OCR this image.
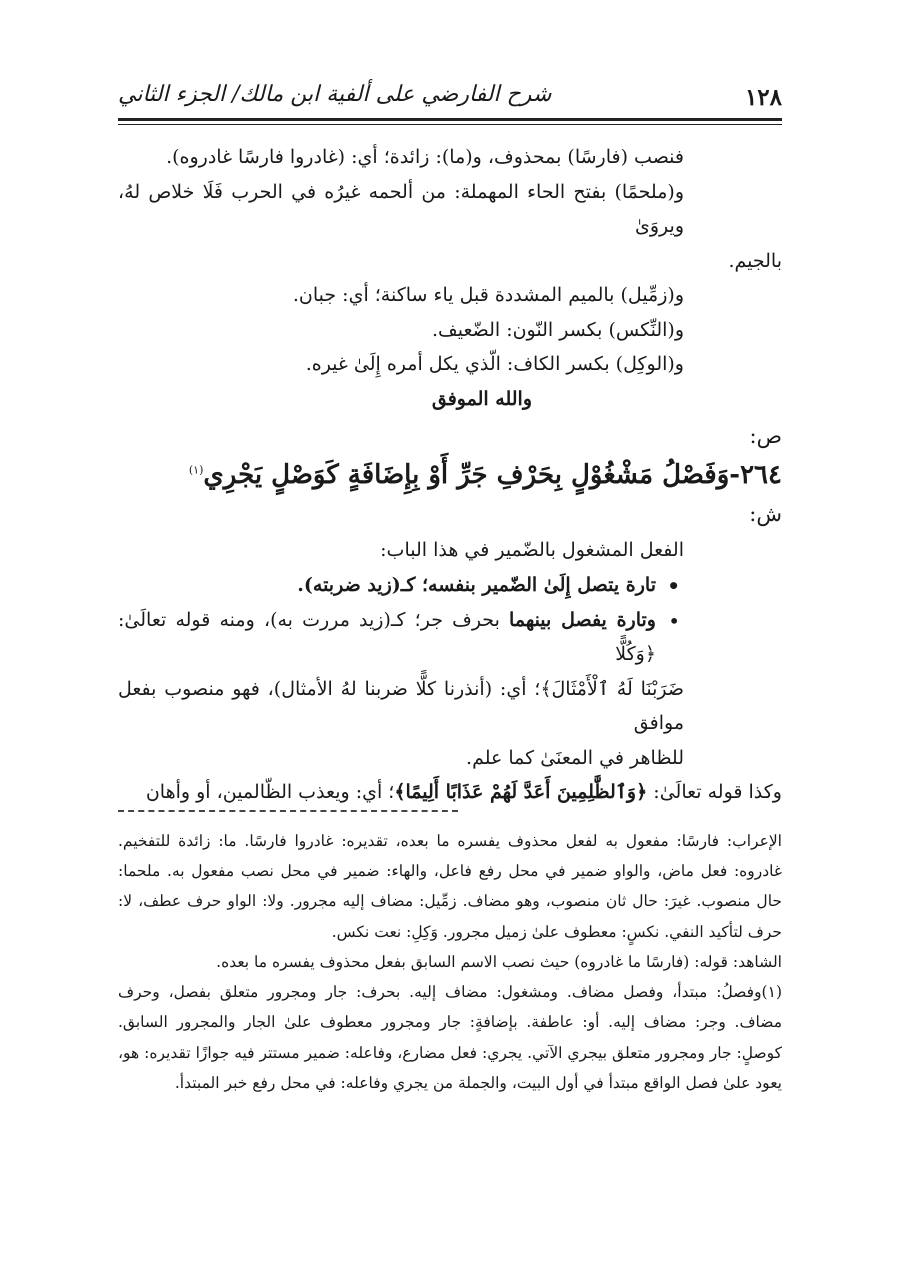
١٢٨
شرح الفارضي على ألفية ابن مالك/ الجزء الثاني

فنصب (فارسًا) بمحذوف، و(ما): زائدة؛ أي: (غادروا فارسًا غادروه).

و(ملحمًا) بفتح الحاء المهملة: من ألحمه غيرُه في الحرب فَلَا خلاص لهُ، ويروَىٰ

بالجيم.

و(زمِّيل) بالميم المشددة قبل ياء ساكنة؛ أي: جبان.

و(النِّكس) بكسر النّون: الضّعيف.

و(الوكِل) بكسر الكاف: الّذي يكل أمره إِلَىٰ غيره.

والله الموفق

ص:

٢٦٤-وَفَصْلُ مَشْغُوْلٍ بِحَرْفِ جَرِّ أَوْ بِإِضَافَةٍ كَوَصْلٍ يَجْرِي$^{(١)}$

ش:

الفعل المشغول بالضّمير في هذا الباب:

• تارة يتصل إِلَىٰ الضّمير بنفسه؛ كـ(زيد ضربته).

• وتارة يفصل بينهما بحرف جر؛ كـ(زيد مررت به)، ومنه قوله تعالَىٰ: ﴿وَكُلًّا

ضَرَبْنَا لَهُ ٱلْأَمْثَالَ﴾؛ أي: (أنذرنا كلًّا ضربنا لهُ الأمثال)، فهو منصوب بفعل موافق

للظاهر في المعنَىٰ كما علم.

وكذا قوله تعالَىٰ: ﴿وَٱلظَّٰلِمِينَ أَعَدَّ لَهُمْ عَذَابًا أَلِيمًا﴾؛ أي: ويعذب الظّالمين، أو وأهان

الإعراب: فارسًا: مفعول به لفعل محذوف يفسره ما بعده، تقديره: غادروا فارسًا. ما: زائدة للتفخيم. غادروه: فعل ماض، والواو ضمير في محل رفع فاعل، والهاء: ضمير في محل نصب مفعول به. ملحما: حال منصوب. غيرَ: حال ثان منصوب، وهو مضاف. زمِّيل: مضاف إليه مجرور. ولا: الواو حرف عطف، لا: حرف لتأكيد النفي. نكسٍ: معطوف علىٰ زميل مجرور. وَكِلِ: نعت نكس.

الشاهد: قوله: (فارسًا ما غادروه) حيث نصب الاسم السابق بفعل محذوف يفسره ما بعده.

(١)وفصلُ: مبتدأ، وفصل مضاف. ومشغول: مضاف إليه. بحرف: جار ومجرور متعلق بفصل، وحرف مضاف. وجر: مضاف إليه. أو: عاطفة. بإضافةٍ: جار ومجرور معطوف علىٰ الجار والمجرور السابق. كوصلٍ: جار ومجرور متعلق بيجري الآتي. يجري: فعل مضارع، وفاعله: ضمير مستتر فيه جوازًا تقديره: هو، يعود علىٰ فصل الواقع مبتدأ في أول البيت، والجملة من يجري وفاعله: في محل رفع خبر المبتدأ.
